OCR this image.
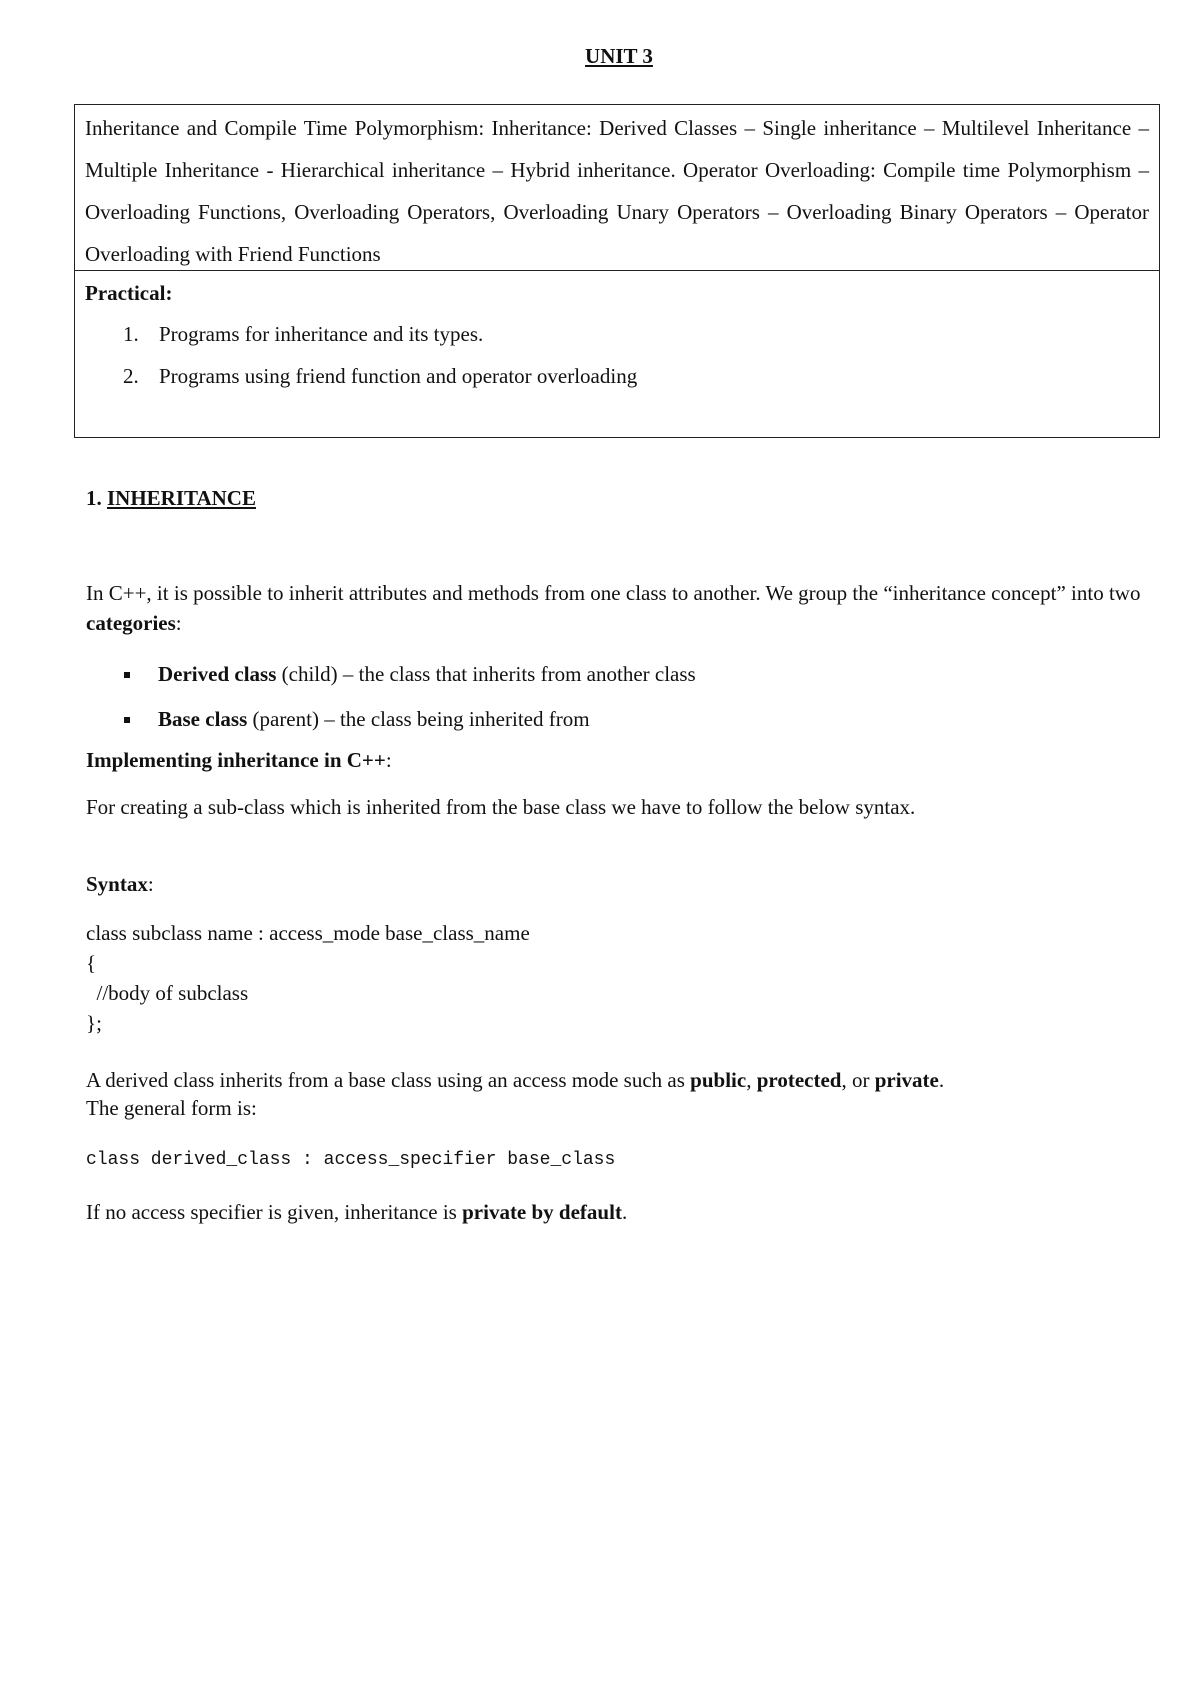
UNIT 3
Inheritance and Compile Time Polymorphism: Inheritance: Derived Classes – Single inheritance – Multilevel Inheritance – Multiple Inheritance - Hierarchical inheritance – Hybrid inheritance. Operator Overloading: Compile time Polymorphism – Overloading Functions, Overloading Operators, Overloading Unary Operators – Overloading Binary Operators – Operator Overloading with Friend Functions

Practical:

1. Programs for inheritance and its types.
2. Programs using friend function and operator overloading
1. INHERITANCE
In C++, it is possible to inherit attributes and methods from one class to another. We group the “inheritance concept” into two categories:
Derived class (child) – the class that inherits from another class
Base class (parent) – the class being inherited from
Implementing inheritance in C++:
For creating a sub-class which is inherited from the base class we have to follow the below syntax.
Syntax:
class subclass name : access_mode base_class_name
{
//body of subclass
};
A derived class inherits from a base class using an access mode such as public, protected, or private.
The general form is:
class derived_class : access_specifier base_class
If no access specifier is given, inheritance is private by default.
